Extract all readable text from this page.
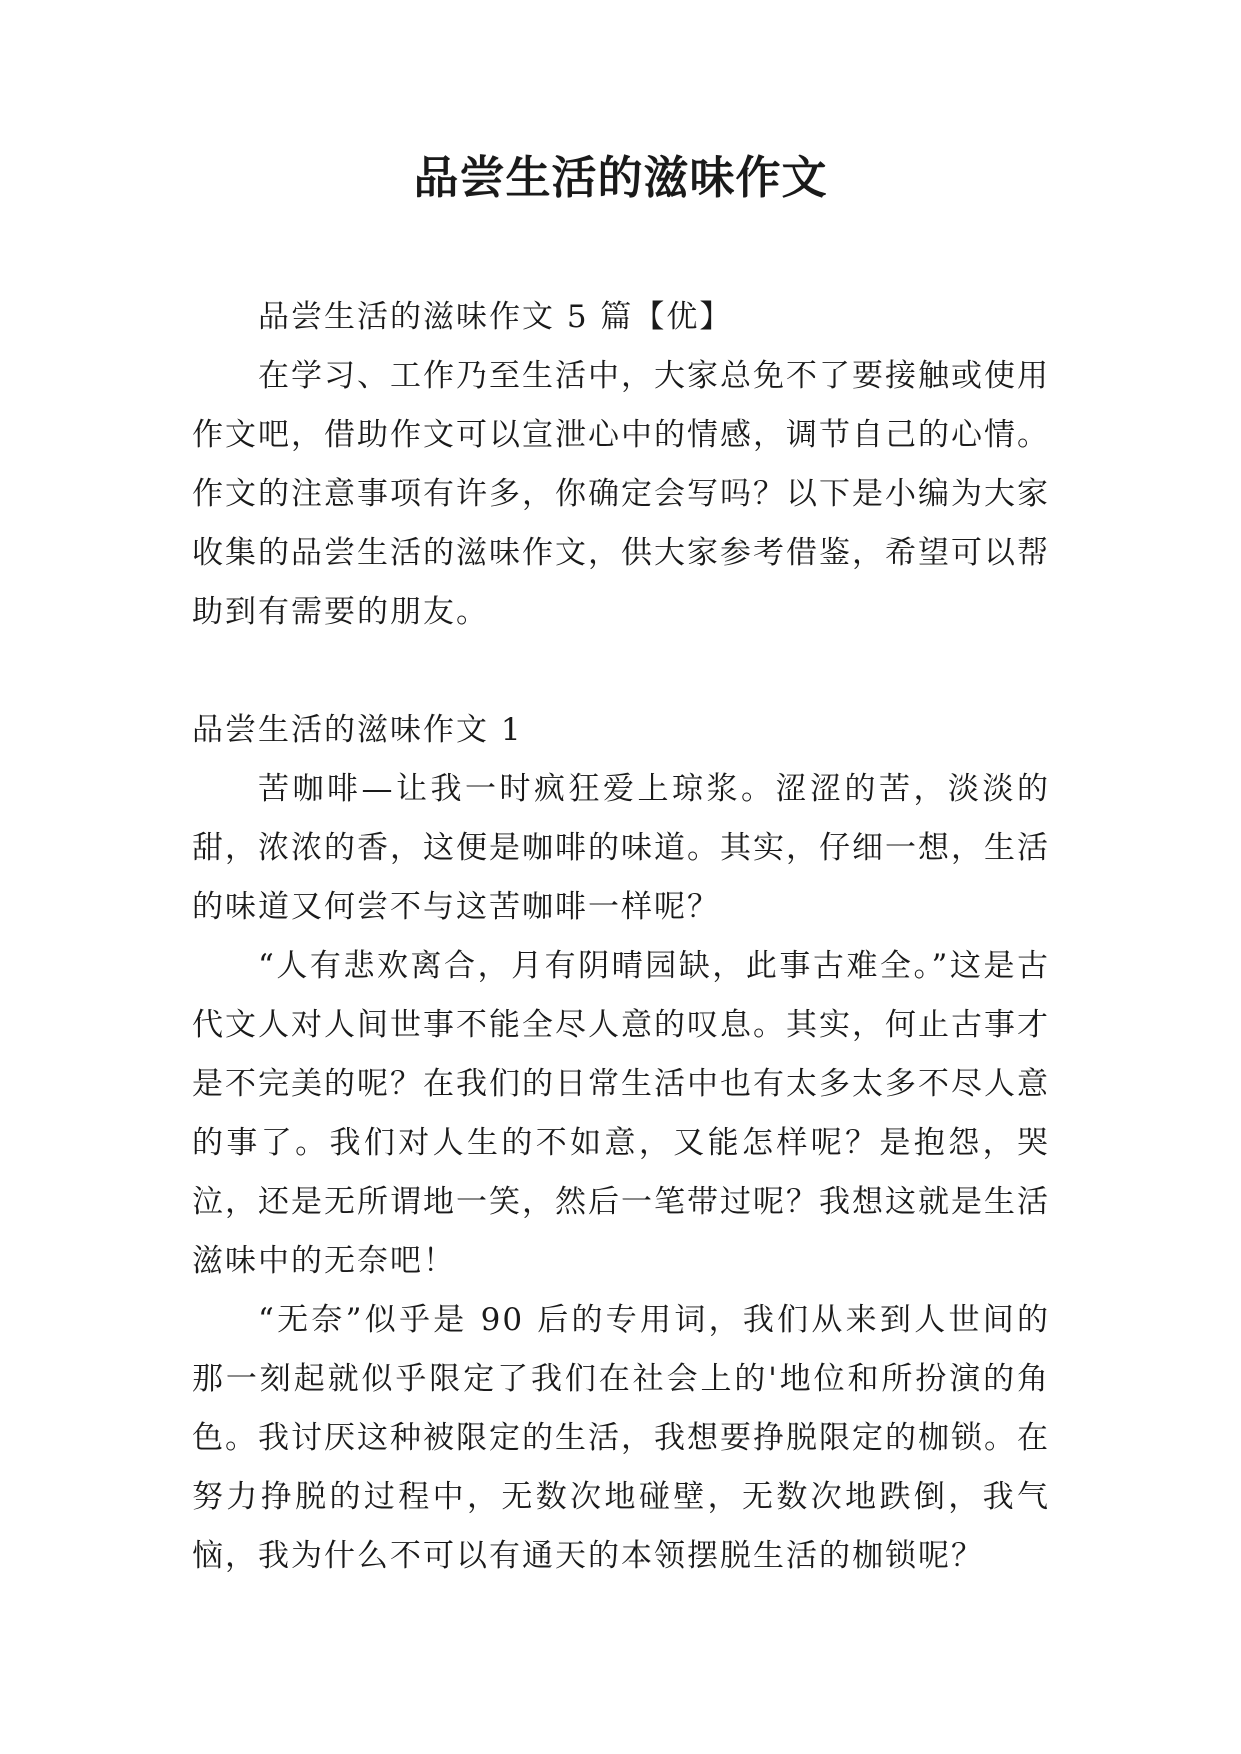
品尝生活的滋味作文

品尝生活的滋味作文 5 篇【优】

在学习、工作乃至生活中，大家总免不了要接触或使用作文吧，借助作文可以宣泄心中的情感，调节自己的心情。作文的注意事项有许多，你确定会写吗？以下是小编为大家收集的品尝生活的滋味作文，供大家参考借鉴，希望可以帮助到有需要的朋友。

品尝生活的滋味作文 1

苦咖啡—让我一时疯狂爱上琼浆。涩涩的苦，淡淡的甜，浓浓的香，这便是咖啡的味道。其实，仔细一想，生活的味道又何尝不与这苦咖啡一样呢？

“人有悲欢离合，月有阴晴园缺，此事古难全。”这是古代文人对人间世事不能全尽人意的叹息。其实，何止古事才是不完美的呢？在我们的日常生活中也有太多太多不尽人意的事了。我们对人生的不如意，又能怎样呢？是抱怨，哭泣，还是无所谓地一笑，然后一笔带过呢？我想这就是生活滋味中的无奈吧！

“无奈”似乎是 90 后的专用词，我们从来到人世间的那一刻起就似乎限定了我们在社会上的'地位和所扮演的角色。我讨厌这种被限定的生活，我想要挣脱限定的枷锁。在努力挣脱的过程中，无数次地碰壁，无数次地跌倒，我气恼，我为什么不可以有通天的本领摆脱生活的枷锁呢？
